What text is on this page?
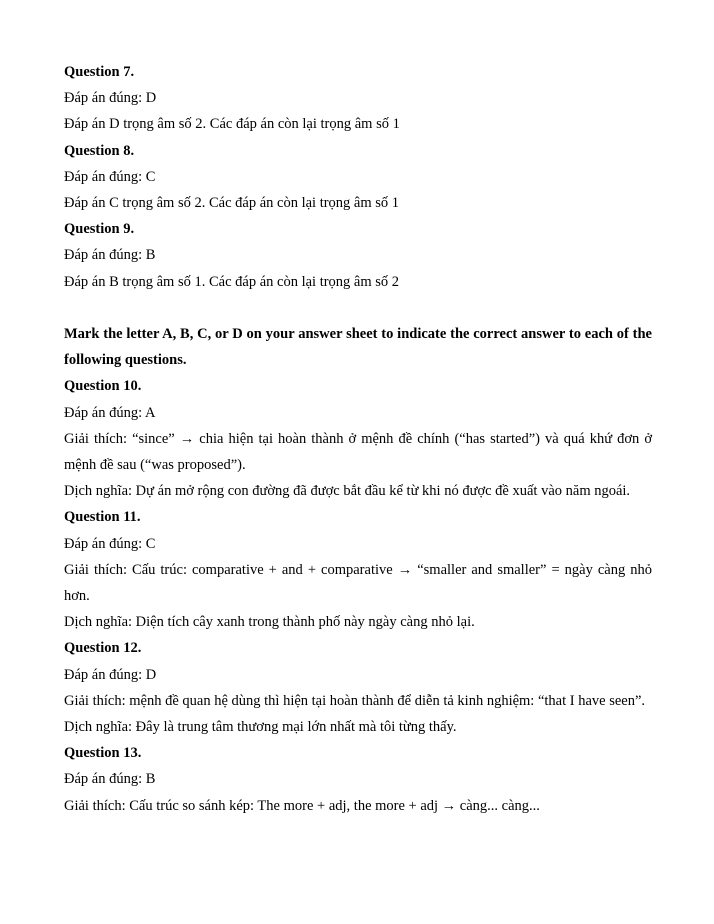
Question 7.

Đáp án đúng: D

Đáp án D trọng âm số 2. Các đáp án còn lại trọng âm số 1

Question 8.

Đáp án đúng: C

Đáp án C trọng âm số 2. Các đáp án còn lại trọng âm số 1

Question 9.

Đáp án đúng: B

Đáp án B trọng âm số 1. Các đáp án còn lại trọng âm số 2

Mark the letter A, B, C, or D on your answer sheet to indicate the correct answer to each of the following questions.

Question 10.

Đáp án đúng: A

Giải thích: “since” → chia hiện tại hoàn thành ở mệnh đề chính (“has started”) và quá khứ đơn ở mệnh đề sau (“was proposed”).

Dịch nghĩa: Dự án mở rộng con đường đã được bắt đầu kể từ khi nó được đề xuất vào năm ngoái.

Question 11.

Đáp án đúng: C

Giải thích: Cấu trúc: comparative + and + comparative → “smaller and smaller” = ngày càng nhỏ hơn.

Dịch nghĩa: Diện tích cây xanh trong thành phố này ngày càng nhỏ lại.

Question 12.

Đáp án đúng: D

Giải thích: mệnh đề quan hệ dùng thì hiện tại hoàn thành để diễn tả kinh nghiệm: “that I have seen”.

Dịch nghĩa: Đây là trung tâm thương mại lớn nhất mà tôi từng thấy.

Question 13.

Đáp án đúng: B

Giải thích: Cấu trúc so sánh kép: The more + adj, the more + adj → càng... càng...
